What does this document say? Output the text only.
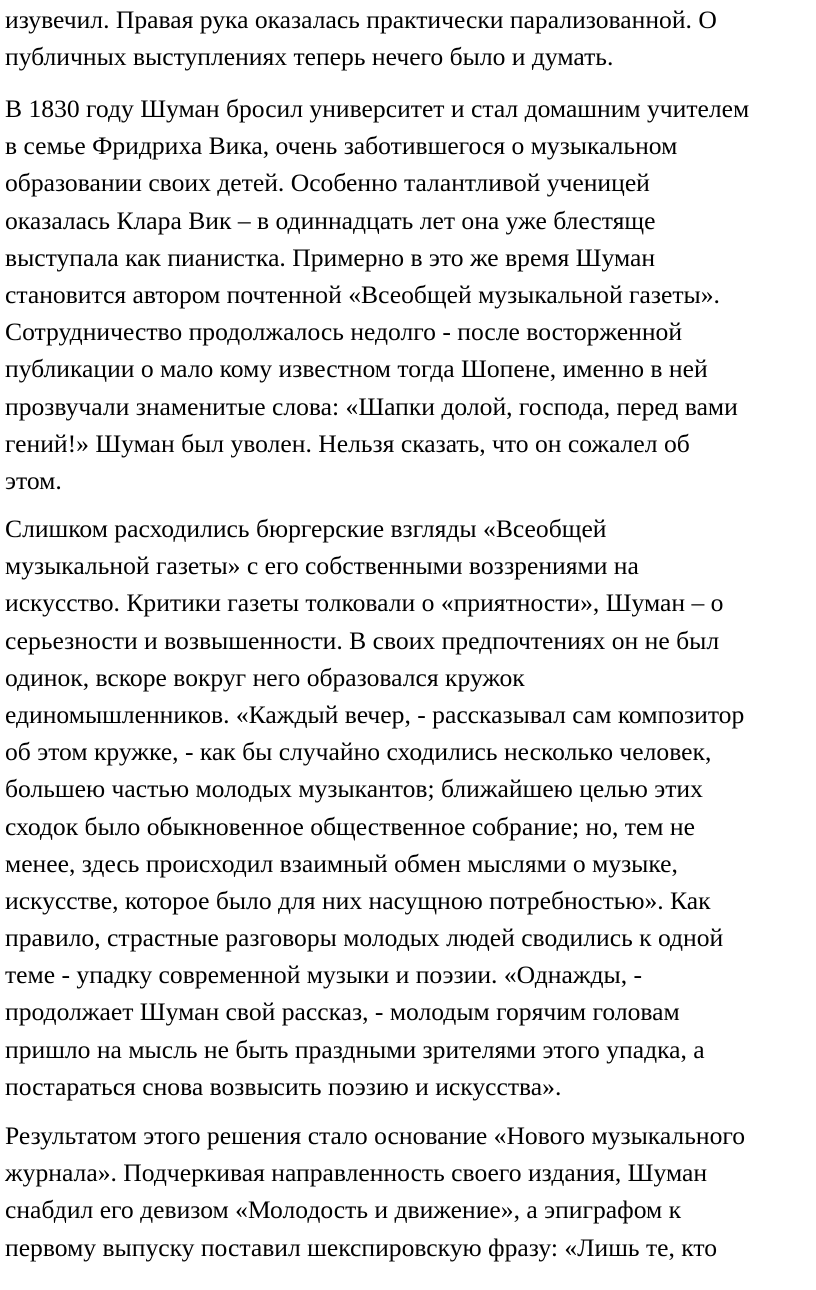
изувечил. Правая рука оказалась практически парализованной. О
публичных выступлениях теперь нечего было и думать.

В 1830 году Шуман бросил университет и стал домашним учителем
в семье Фридриха Вика, очень заботившегося о музыкальном
образовании своих детей. Особенно талантливой ученицей
оказалась Клара Вик – в одиннадцать лет она уже блестяще
выступала как пианистка. Примерно в это же время Шуман
становится автором почтенной «Всеобщей музыкальной газеты».
Сотрудничество продолжалось недолго - после восторженной
публикации о мало кому известном тогда Шопене, именно в ней
прозвучали знаменитые слова: «Шапки долой, господа, перед вами
гений!» Шуман был уволен. Нельзя сказать, что он сожалел об
этом.

Слишком расходились бюргерские взгляды «Всеобщей
музыкальной газеты» с его собственными воззрениями на
искусство. Критики газеты толковали о «приятности», Шуман – о
серьезности и возвышенности. В своих предпочтениях он не был
одинок, вскоре вокруг него образовался кружок
единомышленников. «Каждый вечер, - рассказывал сам композитор
об этом кружке, - как бы случайно сходились несколько человек,
большею частью молодых музыкантов; ближайшею целью этих
сходок было обыкновенное общественное собрание; но, тем не
менее, здесь происходил взаимный обмен мыслями о музыке,
искусстве, которое было для них насущною потребностью». Как
правило, страстные разговоры молодых людей сводились к одной
теме - упадку современной музыки и поэзии. «Однажды, -
продолжает Шуман свой рассказ, - молодым горячим головам
пришло на мысль не быть праздными зрителями этого упадка, а
постараться снова возвысить поэзию и искусства».

Результатом этого решения стало основание «Нового музыкального
журнала». Подчеркивая направленность своего издания, Шуман
снабдил его девизом «Молодость и движение», а эпиграфом к
первому выпуску поставил шекспировскую фразу: «Лишь те, кто
